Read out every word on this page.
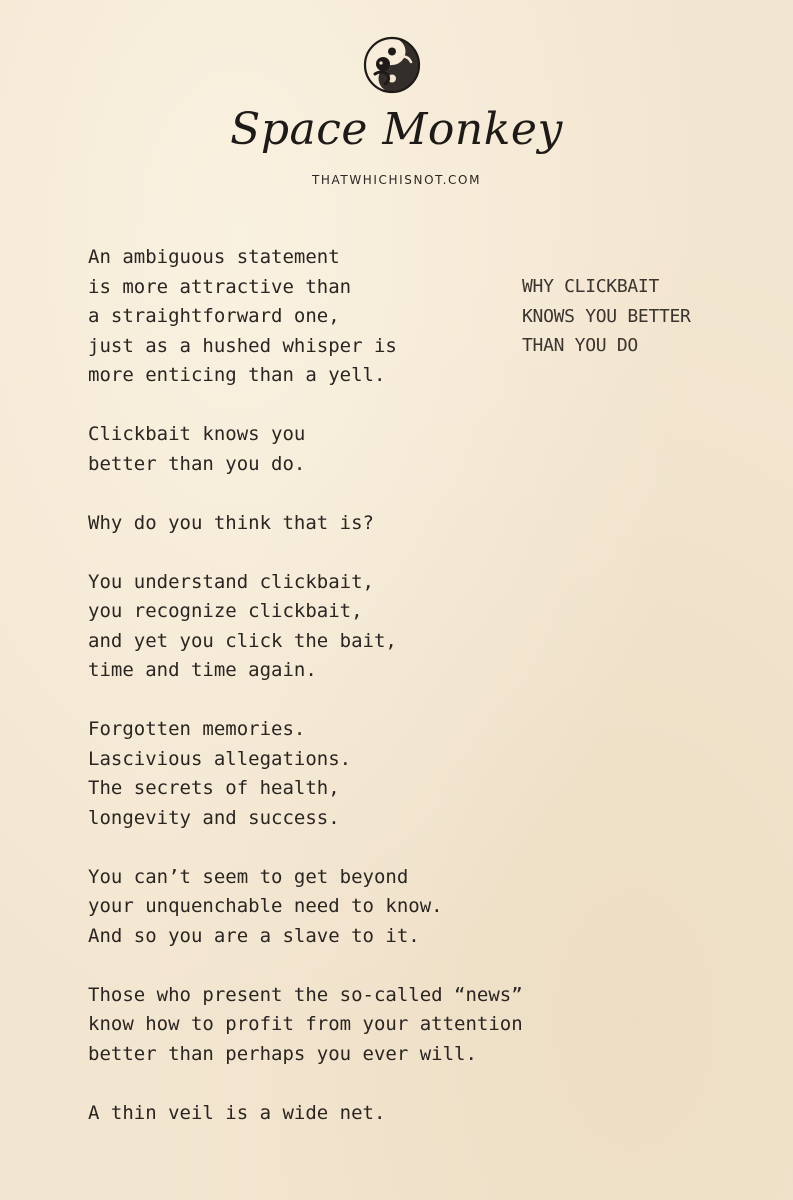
Space Monkey
THATWHICHISNOT.COM
WHY CLICKBAIT
KNOWS YOU BETTER
THAN YOU DO
An ambiguous statement
is more attractive than
a straightforward one,
just as a hushed whisper is
more enticing than a yell.
Clickbait knows you
better than you do.
Why do you think that is?
You understand clickbait,
you recognize clickbait,
and yet you click the bait,
time and time again.
Forgotten memories.
Lascivious allegations.
The secrets of health,
longevity and success.
You can’t seem to get beyond
your unquenchable need to know.
And so you are a slave to it.
Those who present the so-called “news”
know how to profit from your attention
better than perhaps you ever will.
A thin veil is a wide net.
